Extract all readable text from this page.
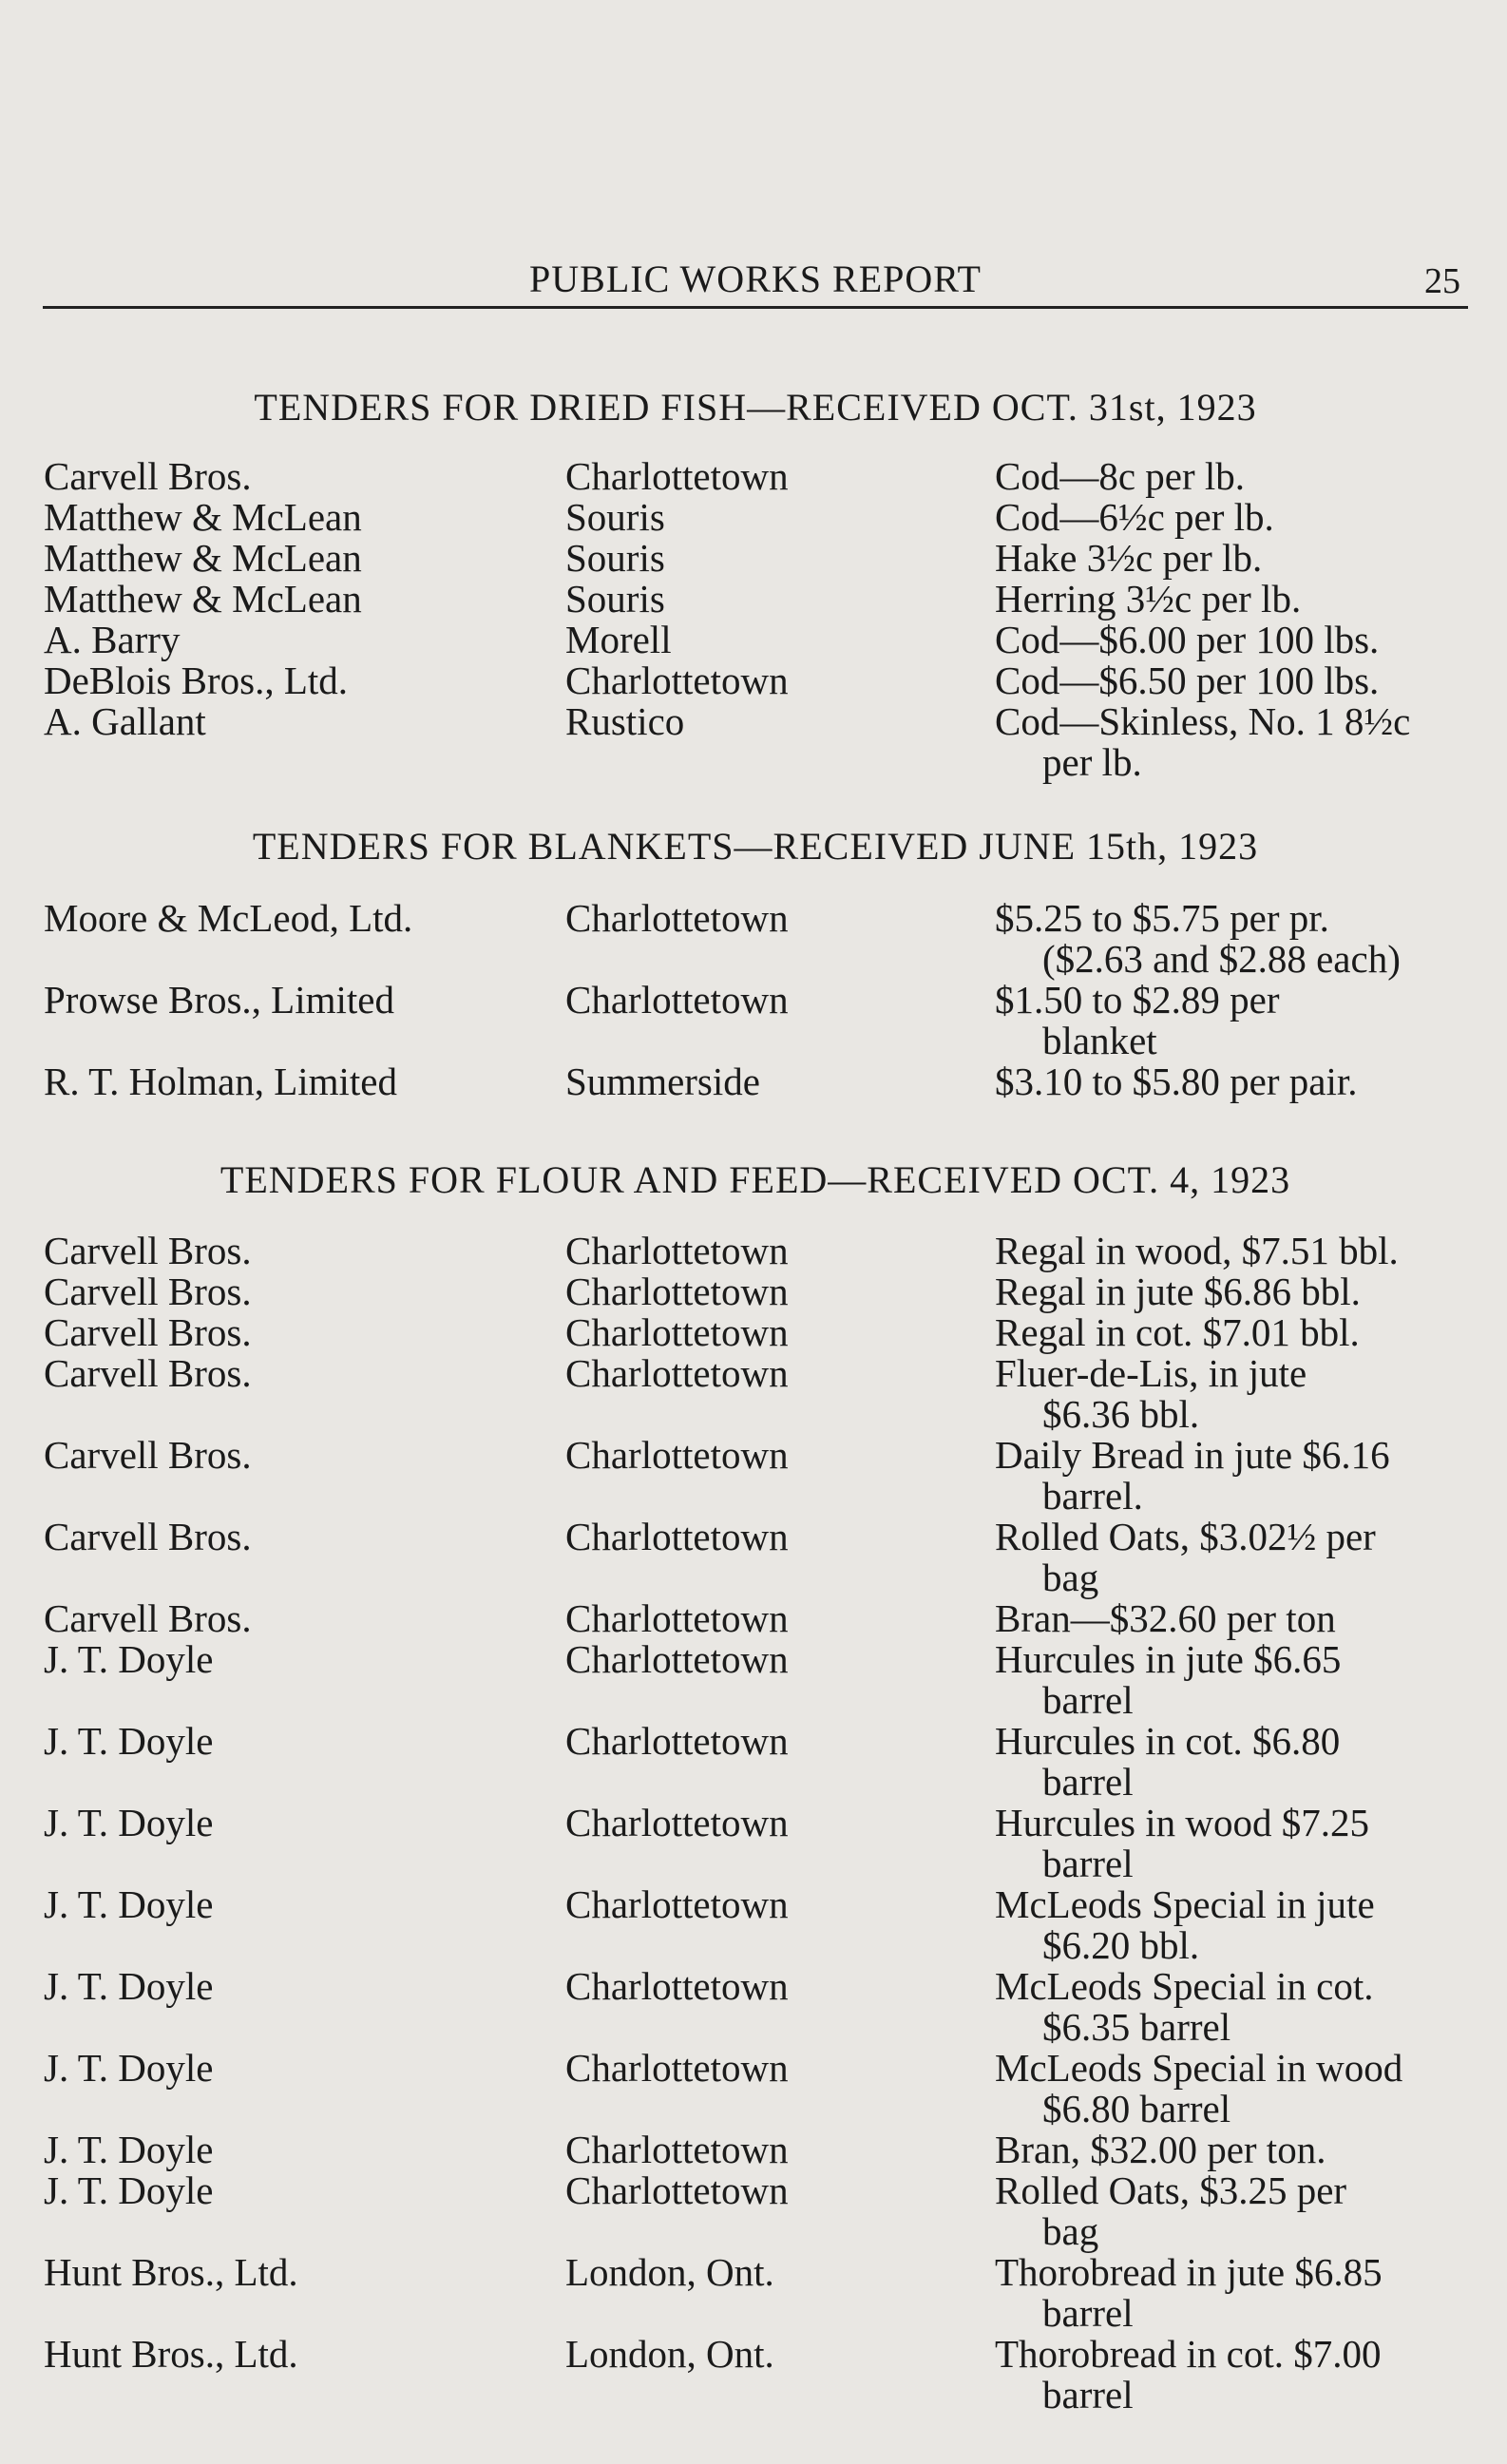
PUBLIC WORKS REPORT	25
TENDERS FOR DRIED FISH—RECEIVED OCT. 31st, 1923
Carvell Bros.	Charlottetown	Cod—8c per lb.
Matthew & McLean	Souris	Cod—6½c per lb.
Matthew & McLean	Souris	Hake 3½c per lb.
Matthew & McLean	Souris	Herring 3½c per lb.
A. Barry	Morell	Cod—$6.00 per 100 lbs.
DeBlois Bros., Ltd.	Charlottetown	Cod—$6.50 per 100 lbs.
A. Gallant	Rustico	Cod—Skinless, No. 1 8½c
per lb.
TENDERS FOR BLANKETS—RECEIVED JUNE 15th, 1923
Moore & McLeod, Ltd.	Charlottetown	$5.25 to $5.75 per pr.
($2.63 and $2.88 each)
Prowse Bros., Limited	Charlottetown	$1.50 to $2.89 per
blanket
R. T. Holman, Limited	Summerside	$3.10 to $5.80 per pair.
TENDERS FOR FLOUR AND FEED—RECEIVED OCT. 4, 1923
Carvell Bros.	Charlottetown	Regal in wood, $7.51 bbl.
Carvell Bros.	Charlottetown	Regal in jute $6.86 bbl.
Carvell Bros.	Charlottetown	Regal in cot. $7.01 bbl.
Carvell Bros.	Charlottetown	Fluer-de-Lis, in jute
$6.36 bbl.
Carvell Bros.	Charlottetown	Daily Bread in jute $6.16
barrel.
Carvell Bros.	Charlottetown	Rolled Oats, $3.02½ per
bag
Carvell Bros.	Charlottetown	Bran—$32.60 per ton
J. T. Doyle	Charlottetown	Hurcules in jute $6.65
barrel
J. T. Doyle	Charlottetown	Hurcules in cot. $6.80
barrel
J. T. Doyle	Charlottetown	Hurcules in wood $7.25
barrel
J. T. Doyle	Charlottetown	McLeods Special in jute
$6.20 bbl.
J. T. Doyle	Charlottetown	McLeods Special in cot.
$6.35 barrel
J. T. Doyle	Charlottetown	McLeods Special in wood
$6.80 barrel
J. T. Doyle	Charlottetown	Bran, $32.00 per ton.
J. T. Doyle	Charlottetown	Rolled Oats, $3.25 per
bag
Hunt Bros., Ltd.	London, Ont.	Thorobread in jute $6.85
barrel
Hunt Bros., Ltd.	London, Ont.	Thorobread in cot. $7.00
barrel
